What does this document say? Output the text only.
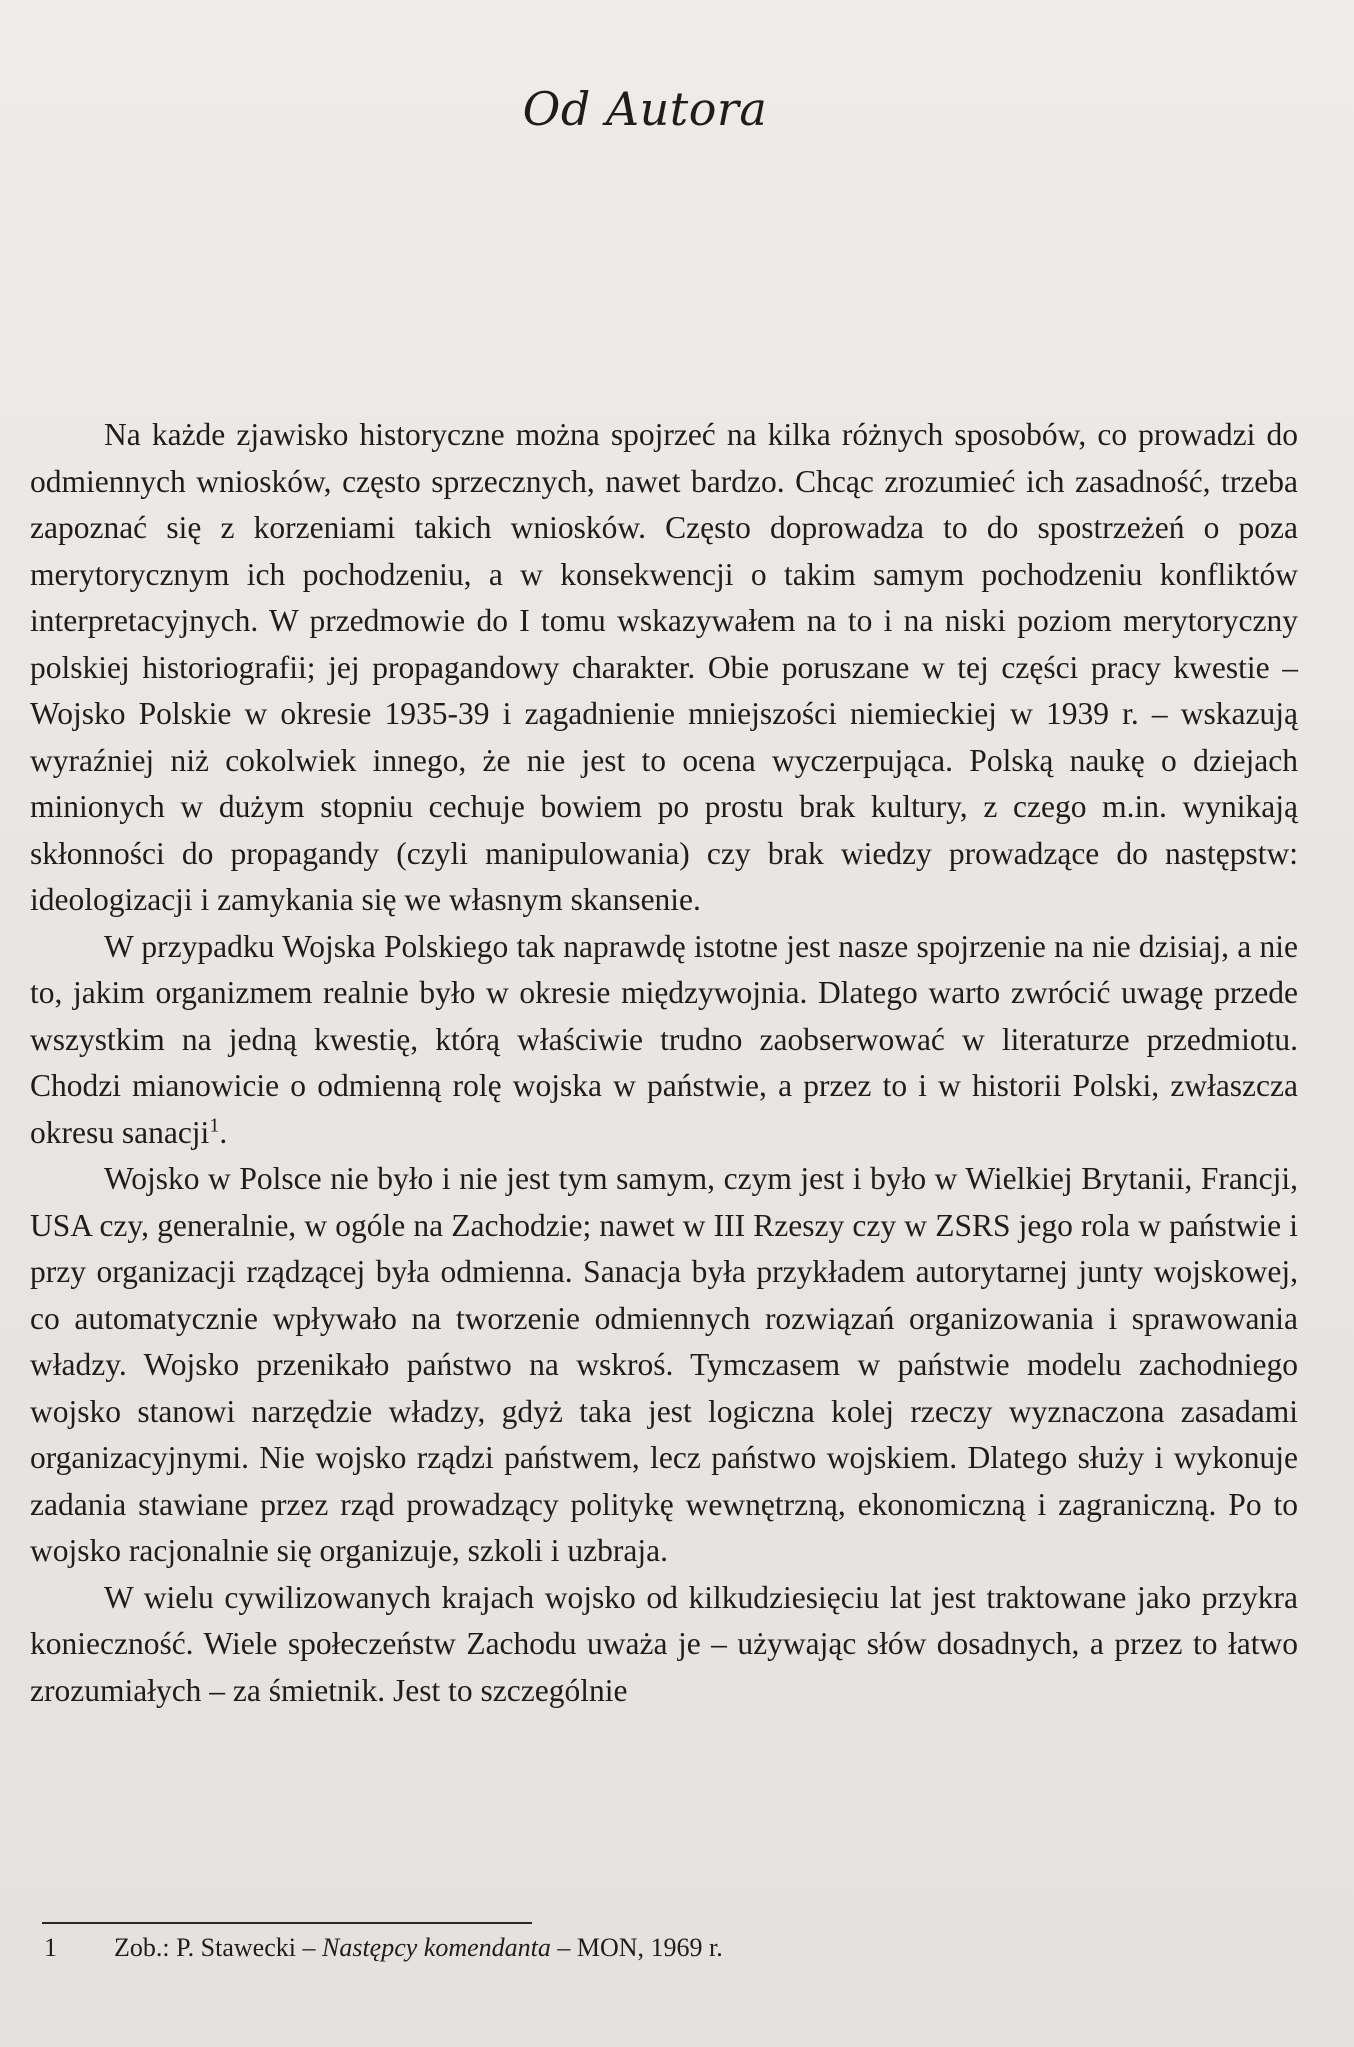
Od Autora

Na każde zjawisko historyczne można spojrzeć na kilka różnych sposobów, co prowadzi do odmiennych wniosków, często sprzecznych, nawet bardzo. Chcąc zrozumieć ich zasadność, trzeba zapoznać się z korzeniami takich wniosków. Często doprowadza to do spostrzeżeń o poza merytorycznym ich pochodzeniu, a w konsekwencji o takim samym pochodzeniu konfliktów interpretacyjnych. W przedmowie do I tomu wskazywałem na to i na niski poziom merytoryczny polskiej historiografii; jej propagandowy charakter. Obie poruszane w tej części pracy kwestie – Wojsko Polskie w okresie 1935-39 i zagadnienie mniejszości niemieckiej w 1939 r. – wskazują wyraźniej niż cokolwiek innego, że nie jest to ocena wyczerpująca. Polską naukę o dziejach minionych w dużym stopniu cechuje bowiem po prostu brak kultury, z czego m.in. wynikają skłonności do propagandy (czyli manipulowania) czy brak wiedzy prowadzące do następstw: ideologizacji i zamykania się we własnym skansenie.

W przypadku Wojska Polskiego tak naprawdę istotne jest nasze spojrzenie na nie dzisiaj, a nie to, jakim organizmem realnie było w okresie międzywojnia. Dlatego warto zwrócić uwagę przede wszystkim na jedną kwestię, którą właściwie trudno zaobserwować w literaturze przedmiotu. Chodzi mianowicie o odmienną rolę wojska w państwie, a przez to i w historii Polski, zwłaszcza okresu sanacji$^1$.

Wojsko w Polsce nie było i nie jest tym samym, czym jest i było w Wielkiej Brytanii, Francji, USA czy, generalnie, w ogóle na Zachodzie; nawet w III Rzeszy czy w ZSRS jego rola w państwie i przy organizacji rządzącej była odmienna. Sanacja była przykładem autorytarnej junty wojskowej, co automatycznie wpływało na tworzenie odmiennych rozwiązań organizowania i sprawowania władzy. Wojsko przenikało państwo na wskroś. Tymczasem w państwie modelu zachodniego wojsko stanowi narzędzie władzy, gdyż taka jest logiczna kolej rzeczy wyznaczona zasadami organizacyjnymi. Nie wojsko rządzi państwem, lecz państwo wojskiem. Dlatego służy i wykonuje zadania stawiane przez rząd prowadzący politykę wewnętrzną, ekonomiczną i zagraniczną. Po to wojsko racjonalnie się organizuje, szkoli i uzbraja.

W wielu cywilizowanych krajach wojsko od kilkudziesięciu lat jest traktowane jako przykra konieczność. Wiele społeczeństw Zachodu uważa je – używając słów dosadnych, a przez to łatwo zrozumiałych – za śmietnik. Jest to szczególnie

1 Zob.: P. Stawecki – Następcy komendanta – MON, 1969 r.
